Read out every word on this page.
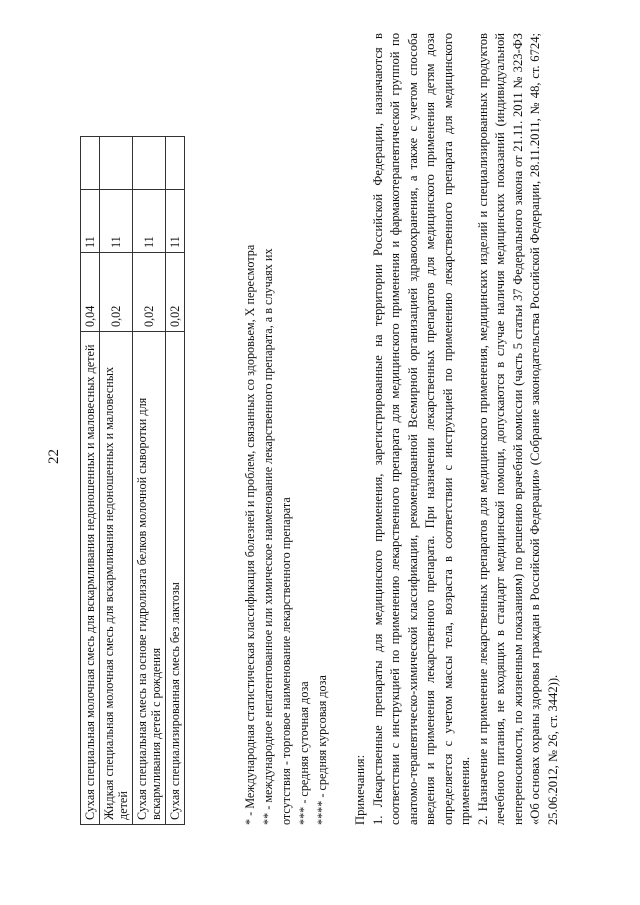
22 Сухая специальная молочная смесь для вскармливания недоношенных и маловесных детей	0,04	11	
Жидкая специальная молочная смесь для вскармливания недоношенных и маловесных детей	0,02	11	
Сухая специальная смесь на основе гидролизата белков молочной сыворотки для вскармливания детей с рождения	0,02	11	
Сухая специализированная смесь без лактозы	0,02	11	
* - Международная статистическая классификация болезней и проблем, связанных со здоровьем, Х пересмотра ** - международное непатентованное или химическое наименование лекарственного препарата, а в случаях их отсутствия - торговое наименование лекарственного препарата *** - средняя суточная доза **** - средняя курсовая доза Примечания: 1. Лекарственные препараты для медицинского применения, зарегистрированные на территории Российской Федерации, назначаются в соответствии с инструкцией по применению лекарственного препарата для медицинского применения и фармакотерапевтической группой по анатомо-терапевтическо-химической классификации, рекомендованной Всемирной организацией здравоохранения, а также с учетом способа введения и применения лекарственного препарата. При назначении лекарственных препаратов для медицинского применения детям доза определяется с учетом массы тела, возраста в соответствии с инструкцией по применению лекарственного препарата для медицинского применения. 2. Назначение и применение лекарственных препаратов для медицинского применения, медицинских изделий и специализированных продуктов лечебного питания, не входящих в стандарт медицинской помощи, допускаются в случае наличия медицинских показаний (индивидуальной непереносимости, по жизненным показаниям) по решению врачебной комиссии (часть 5 статьи 37 Федерального закона от 21.11. 2011 № 323-ФЗ «Об основах охраны здоровья граждан в Российской Федерации» (Собрание законодательства Российской Федерации, 28.11.2011, № 48, ст. 6724; 25.06.2012, № 26, ст. 3442)).
